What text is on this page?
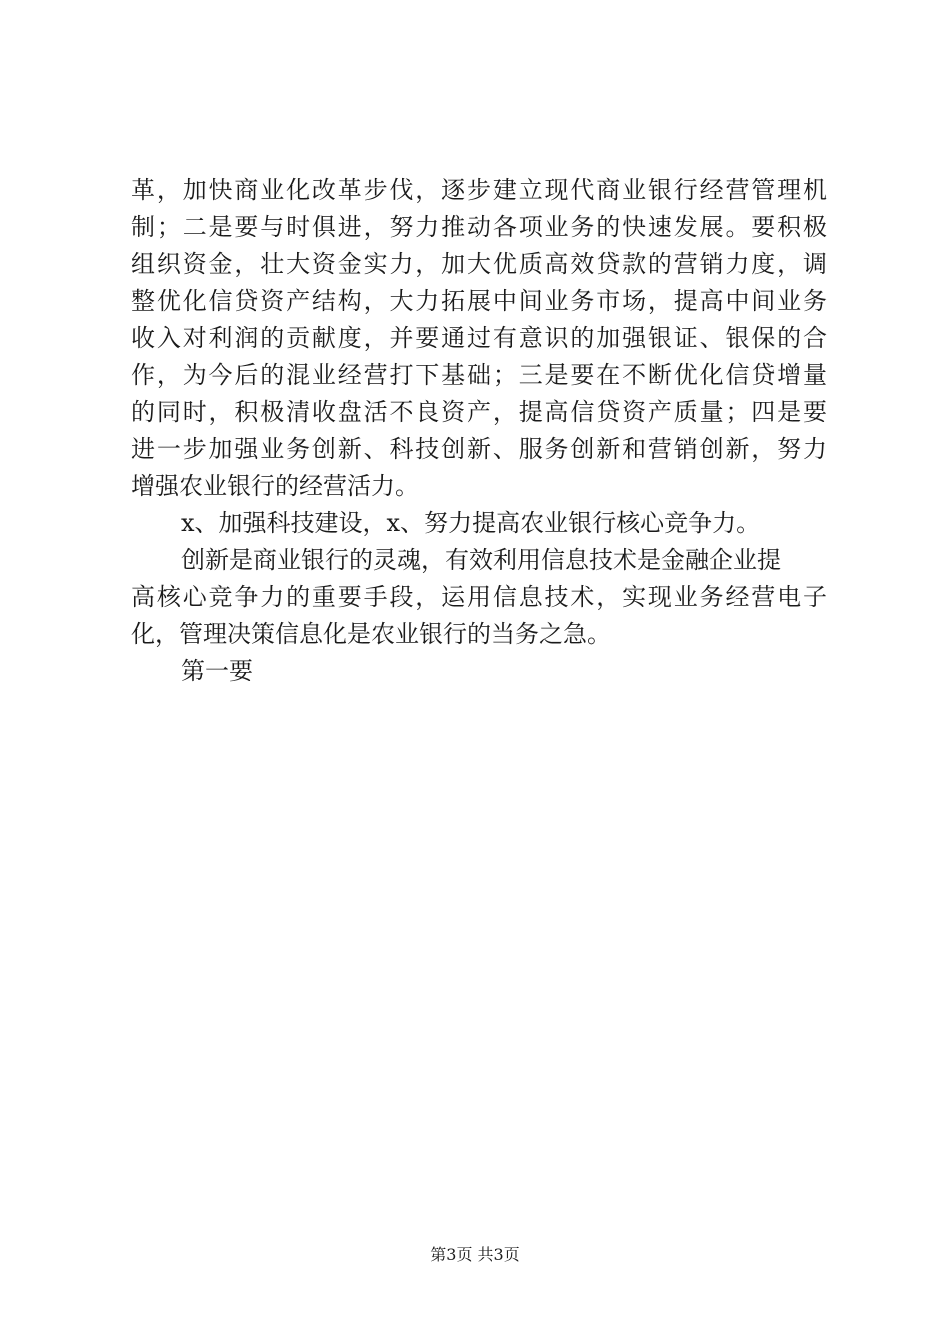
革，加快商业化改革步伐，逐步建立现代商业银行经营管理机
制；二是要与时俱进，努力推动各项业务的快速发展。要积极
组织资金，壮大资金实力，加大优质高效贷款的营销力度，调
整优化信贷资产结构，大力拓展中间业务市场，提高中间业务
收入对利润的贡献度，并要通过有意识的加强银证、银保的合
作，为今后的混业经营打下基础；三是要在不断优化信贷增量
的同时，积极清收盘活不良资产，提高信贷资产质量；四是要
进一步加强业务创新、科技创新、服务创新和营销创新，努力
增强农业银行的经营活力。
x、加强科技建设，x、努力提高农业银行核心竞争力。
创新是商业银行的灵魂，有效利用信息技术是金融企业提
高核心竞争力的重要手段，运用信息技术，实现业务经营电子
化，管理决策信息化是农业银行的当务之急。
第一要
第3页 共3页
